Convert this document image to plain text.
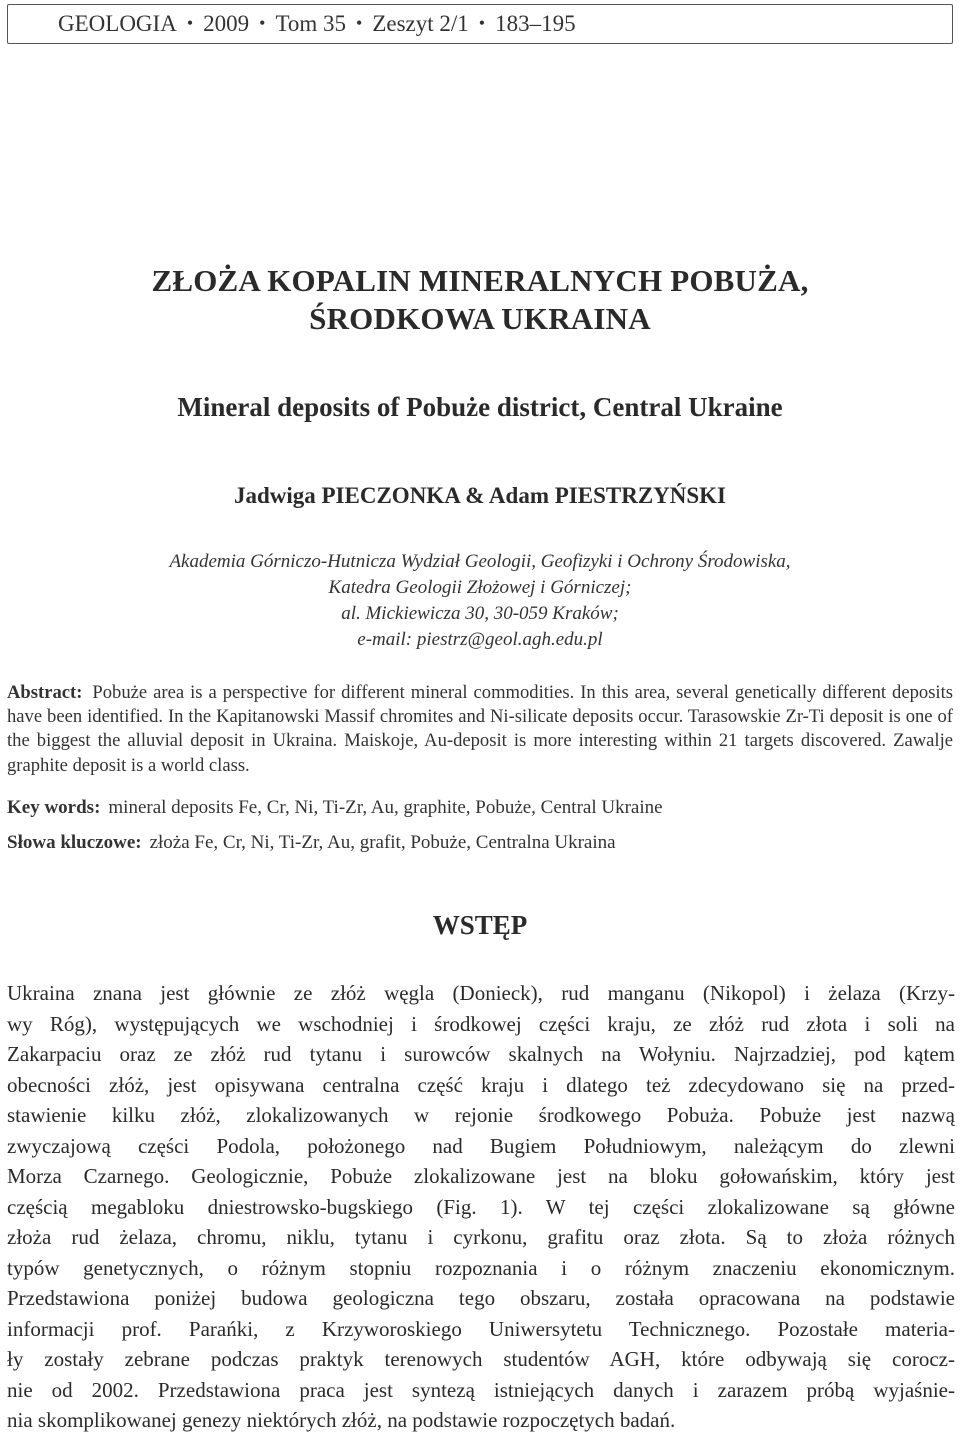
GEOLOGIA • 2009 • Tom 35 • Zeszyt 2/1 • 183–195
ZŁOŻA KOPALIN MINERALNYCH POBUŻA,
ŚRODKOWA UKRAINA
Mineral deposits of Pobuże district, Central Ukraine
Jadwiga PIECZONKA & Adam PIESTRZYŃSKI
Akademia Górniczo-Hutnicza Wydział Geologii, Geofizyki i Ochrony Środowiska,
Katedra Geologii Złożowej i Górniczej;
al. Mickiewicza 30, 30-059 Kraków;
e-mail: piestrz@geol.agh.edu.pl
Abstract: Pobuże area is a perspective for different mineral commodities. In this area, several genetically different deposits have been identified. In the Kapitanowski Massif chromites and Ni-silicate deposits occur. Tarasowskie Zr-Ti deposit is one of the biggest the alluvial deposit in Ukraina. Maiskoje, Au-deposit is more interesting within 21 targets discovered. Zawalje graphite deposit is a world class.
Key words: mineral deposits Fe, Cr, Ni, Ti-Zr, Au, graphite, Pobuże, Central Ukraine
Słowa kluczowe: złoża Fe, Cr, Ni, Ti-Zr, Au, grafit, Pobuże, Centralna Ukraina
WSTĘP
Ukraina znana jest głównie ze złóż węgla (Donieck), rud manganu (Nikopol) i żelaza (Krzy-
wy Róg), występujących we wschodniej i środkowej części kraju, ze złóż rud złota i soli na
Zakarpaciu oraz ze złóż rud tytanu i surowców skalnych na Wołyniu. Najrzadziej, pod kątem
obecności złóż, jest opisywana centralna część kraju i dlatego też zdecydowano się na przed-
stawienie kilku złóż, zlokalizowanych w rejonie środkowego Pobuża. Pobuże jest nazwą
zwyczajową części Podola, położonego nad Bugiem Południowym, należącym do zlewni
Morza Czarnego. Geologicznie, Pobuże zlokalizowane jest na bloku gołowańskim, który jest
częścią megabloku dniestrowsko-bugskiego (Fig. 1). W tej części zlokalizowane są główne
złoża rud żelaza, chromu, niklu, tytanu i cyrkonu, grafitu oraz złota. Są to złoża różnych
typów genetycznych, o różnym stopniu rozpoznania i o różnym znaczeniu ekonomicznym.
Przedstawiona poniżej budowa geologiczna tego obszaru, została opracowana na podstawie
informacji prof. Parańki, z Krzyworoskiego Uniwersytetu Technicznego. Pozostałe materia-
ły zostały zebrane podczas praktyk terenowych studentów AGH, które odbywają się corocz-
nie od 2002. Przedstawiona praca jest syntezą istniejących danych i zarazem próbą wyjaśnie-
nia skomplikowanej genezy niektórych złóż, na podstawie rozpoczętych badań.
